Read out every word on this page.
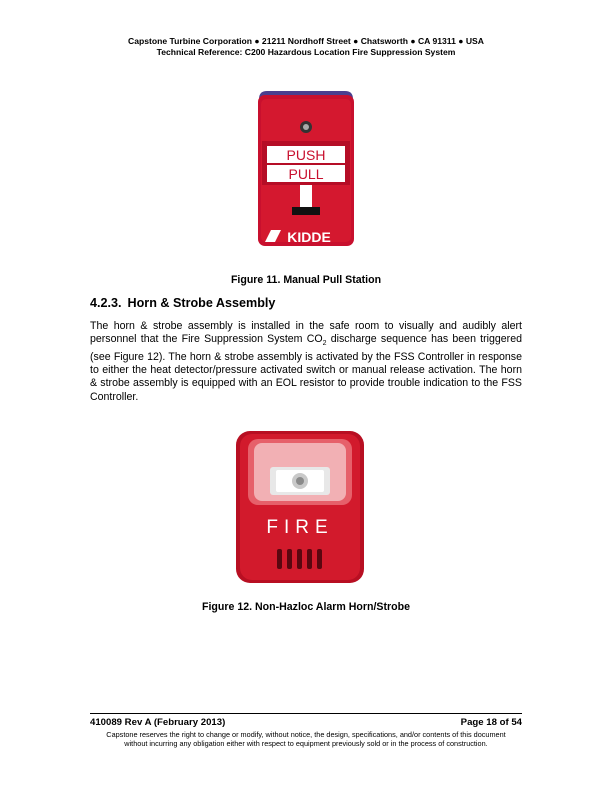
Capstone Turbine Corporation ● 21211 Nordhoff Street ● Chatsworth ● CA 91311 ● USA
Technical Reference: C200 Hazardous Location Fire Suppression System
PUSH
PULL
KIDDE
Figure 11. Manual Pull Station
4.2.3. Horn & Strobe Assembly
The horn & strobe assembly is installed in the safe room to visually and audibly alert personnel that the Fire Suppression System $CO_2$ discharge sequence has been triggered (see Figure 12). The horn & strobe assembly is activated by the FSS Controller in response to either the heat detector/pressure activated switch or manual release activation. The horn & strobe assembly is equipped with an EOL resistor to provide trouble indication to the FSS Controller.
FIRE
Figure 12. Non-Hazloc Alarm Horn/Strobe
410089 Rev A (February 2013)	Page 18 of 54
Capstone reserves the right to change or modify, without notice, the design, specifications, and/or contents of this document without incurring any obligation either with respect to equipment previously sold or in the process of construction.
